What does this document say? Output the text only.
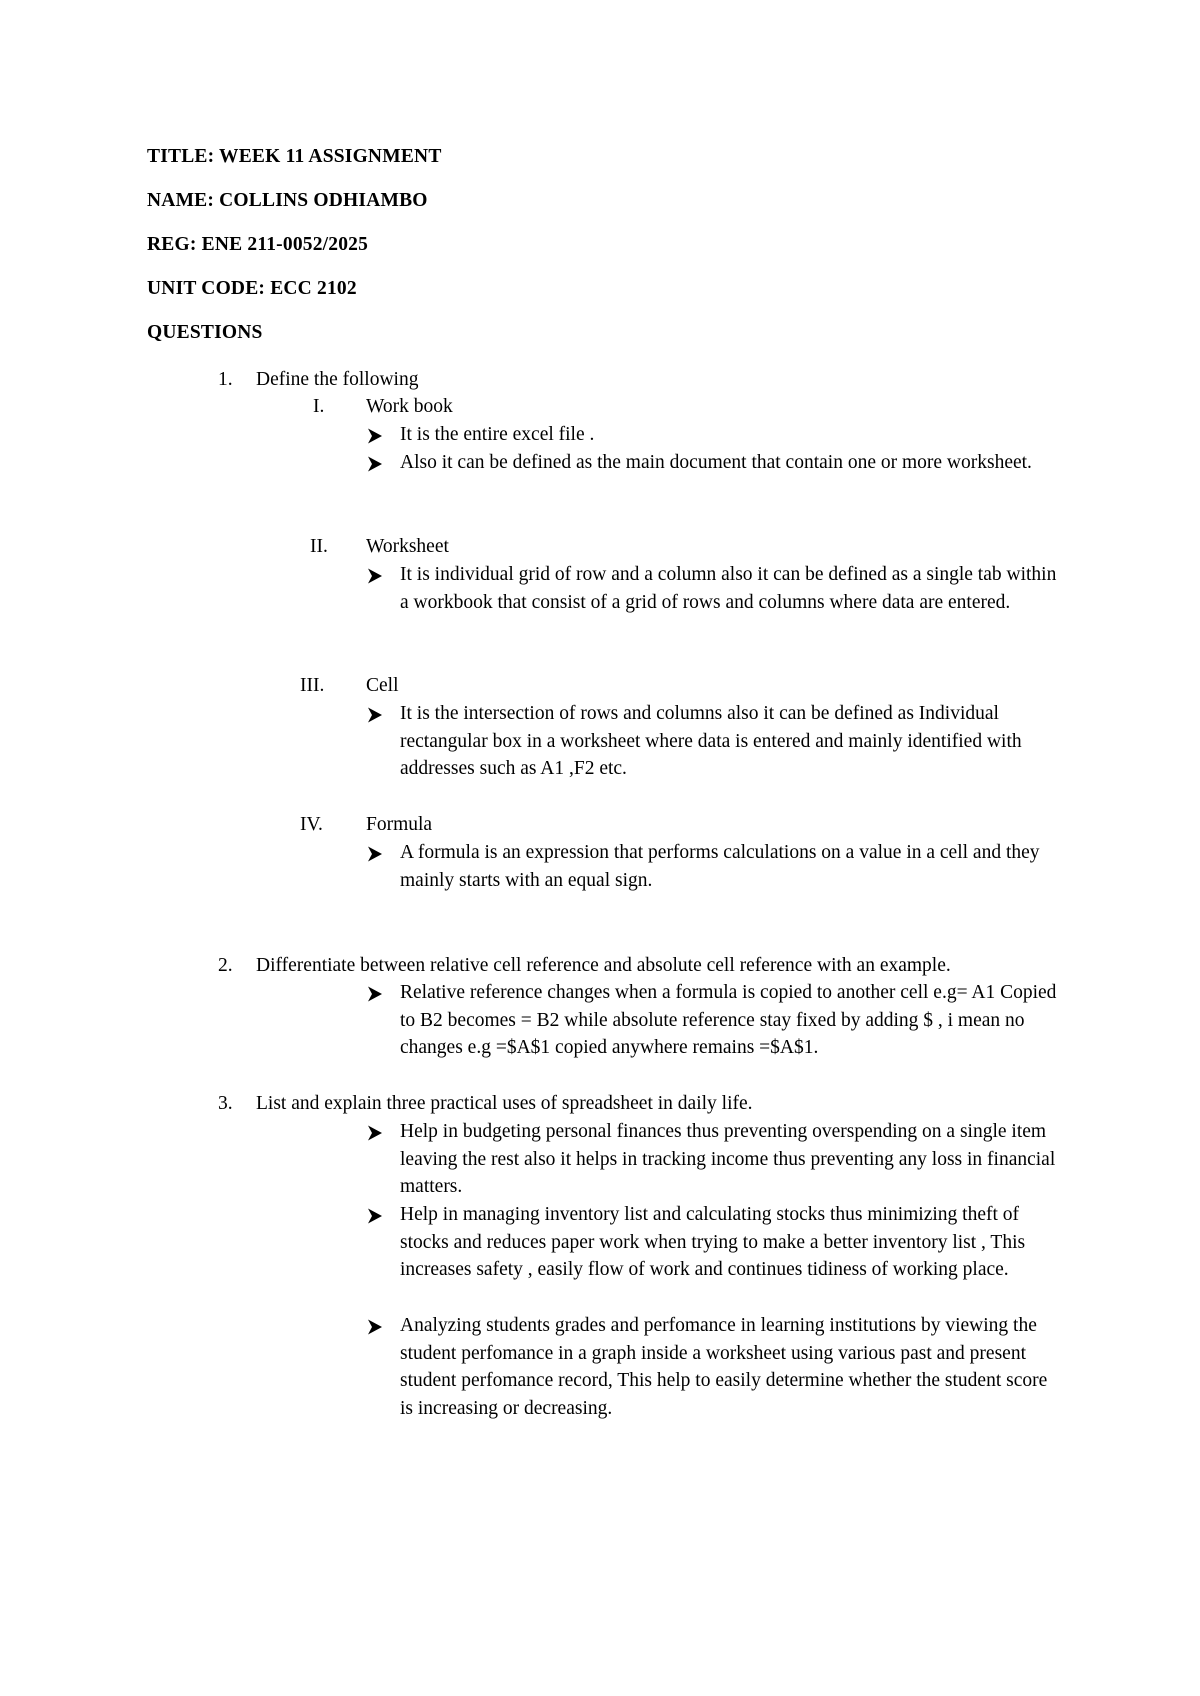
TITLE: WEEK 11 ASSIGNMENT
NAME: COLLINS ODHIAMBO
REG: ENE 211-0052/2025
UNIT CODE: ECC 2102
QUESTIONS
1. Define the following
I. Work book
It is the entire excel file .
Also it can be defined as the main document that contain one or more worksheet.
II. Worksheet
It is individual grid of row and a column also it can be defined as a single tab within a workbook that consist of a grid of rows and columns where data are entered.
III. Cell
It is the intersection of rows and columns also it can be defined as Individual rectangular box in a worksheet where data is entered and mainly identified with addresses such as A1 ,F2 etc.
IV. Formula
A formula is an expression that performs calculations on a value in a cell and they mainly starts with an equal sign.
2. Differentiate between relative cell reference and absolute cell reference with an example.
Relative reference changes when a formula is copied to another cell e.g= A1 Copied to B2 becomes = B2 while absolute reference stay fixed by adding $ , i mean no changes e.g =$A$1 copied anywhere remains =$A$1.
3. List and explain three practical uses of spreadsheet in daily life.
Help in budgeting personal finances thus preventing overspending on a single item leaving the rest also it helps in tracking income thus preventing any loss in financial matters.
Help in managing inventory list and calculating stocks thus minimizing theft of stocks and reduces paper work when trying to make a better inventory list , This increases safety , easily flow of work and continues tidiness of working place.
Analyzing students grades and perfomance in learning institutions by viewing the student perfomance in a graph inside a worksheet using various past and present student perfomance record, This help to easily determine whether the student score is increasing or decreasing.
